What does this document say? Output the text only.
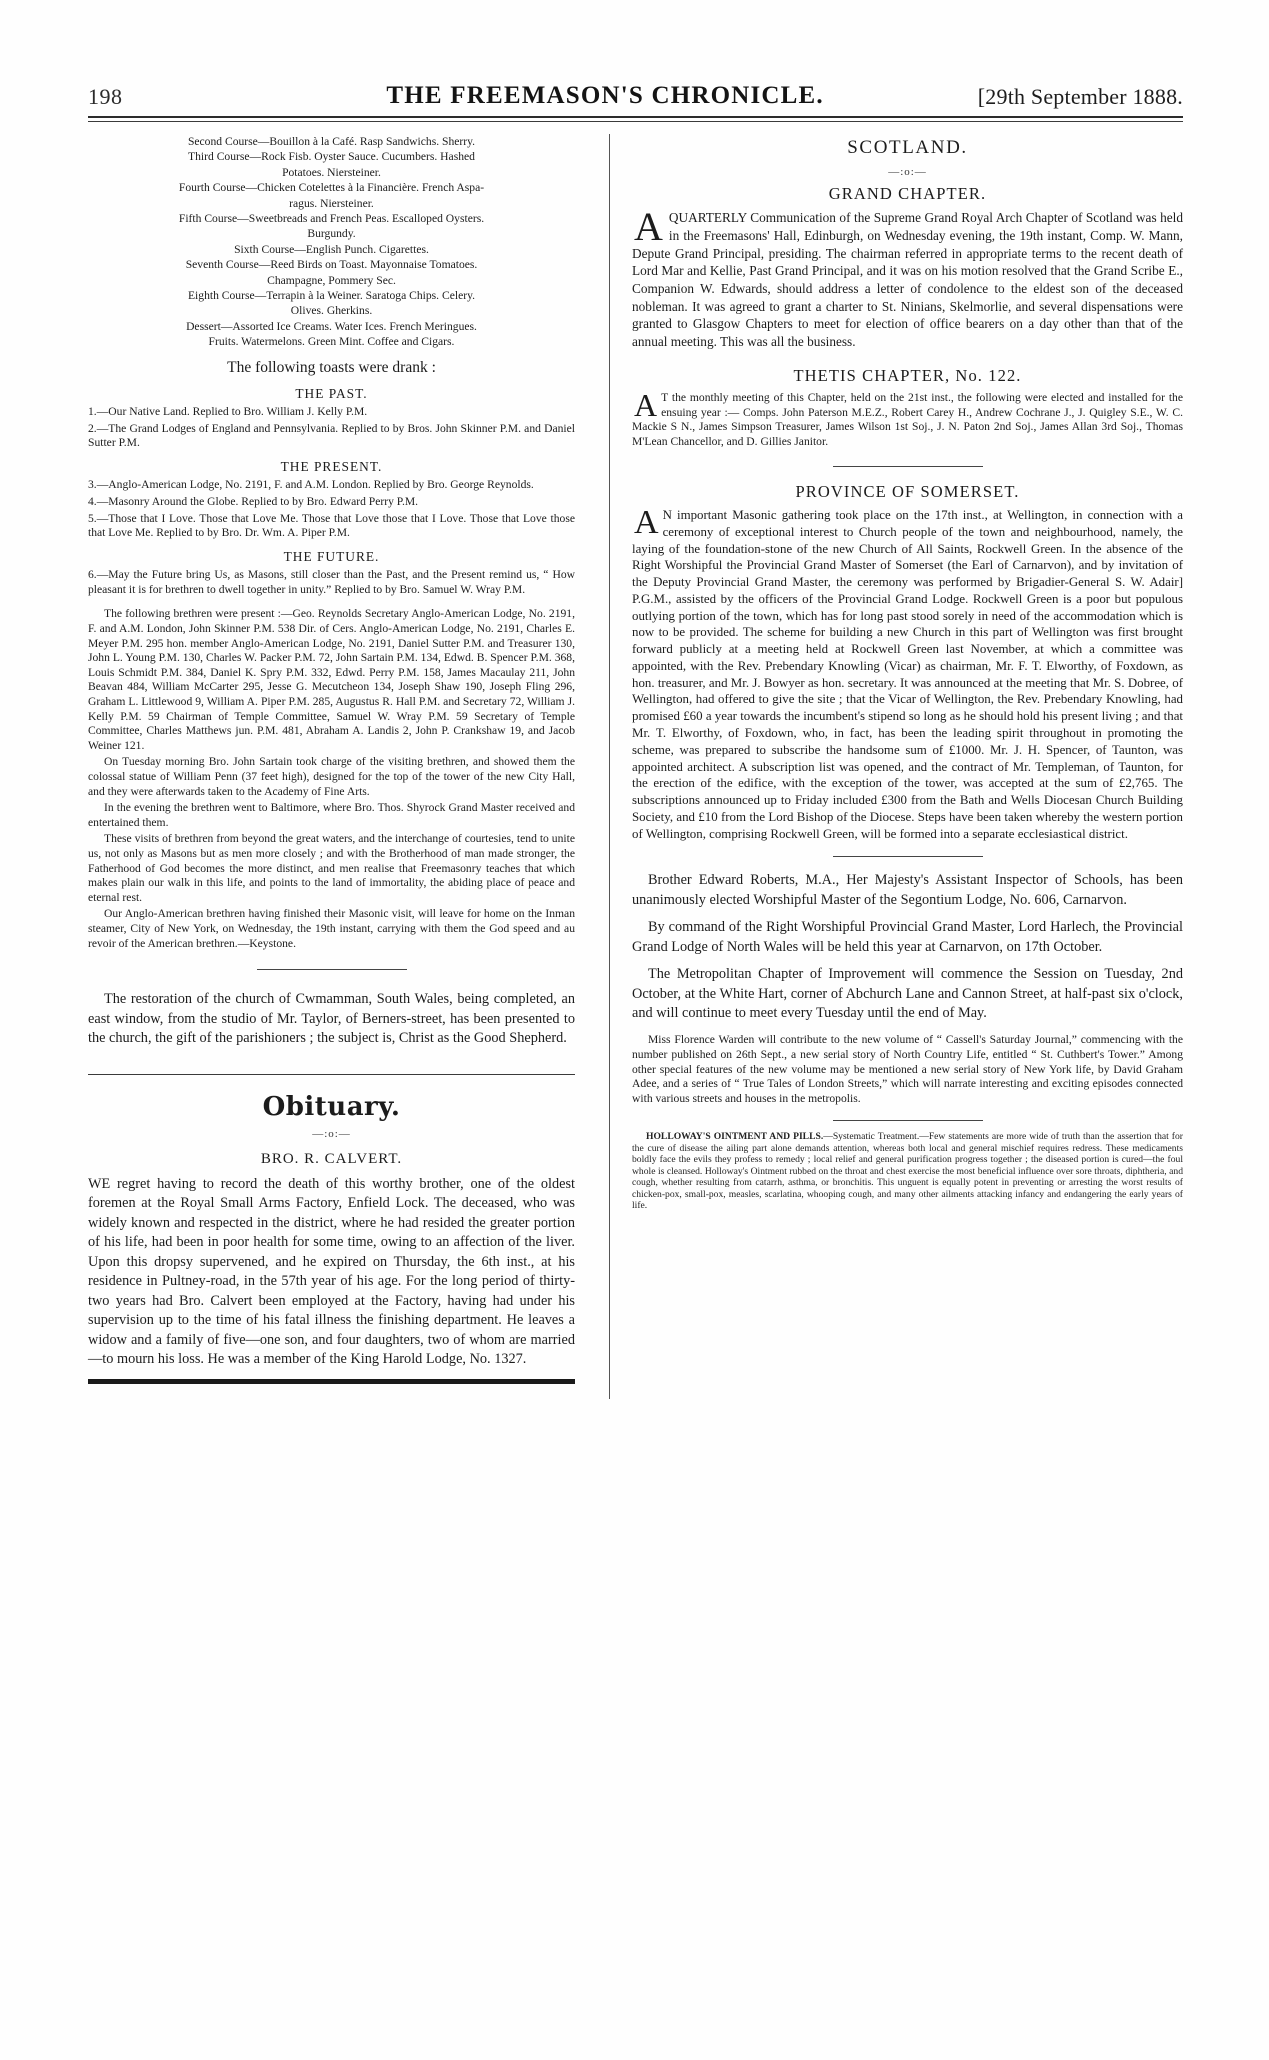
198	THE FREEMASON'S CHRONICLE.	[29th September 1888.

Second Course—Bouillon à la Café. Rasp Sandwichs. Sherry.

Third Course—Rock Fisb. Oyster Sauce. Cucumbers. Hashed

Potatoes. Niersteiner.

Fourth Course—Chicken Cotelettes à la Financière. French Aspa-

ragus. Niersteiner.

Fifth Course—Sweetbreads and French Peas. Escalloped Oysters.

Burgundy.

Sixth Course—English Punch. Cigarettes.

Seventh Course—Reed Birds on Toast. Mayonnaise Tomatoes.

Champagne, Pommery Sec.

Eighth Course—Terrapin à la Weiner. Saratoga Chips. Celery.

Olives. Gherkins.

Dessert—Assorted Ice Creams. Water Ices. French Meringues.

Fruits. Watermelons. Green Mint. Coffee and Cigars.

The following toasts were drank :

THE PAST.

1.—Our Native Land. Replied to Bro. William J. Kelly P.M.

2.—The Grand Lodges of England and Pennsylvania. Replied to by Bros. John Skinner P.M. and Daniel Sutter P.M.

THE PRESENT.

3.—Anglo-American Lodge, No. 2191, F. and A.M. London. Replied by Bro. George Reynolds.

4.—Masonry Around the Globe. Replied to by Bro. Edward Perry P.M.

5.—Those that I Love. Those that Love Me. Those that Love those that I Love. Those that Love those that Love Me. Replied to by Bro. Dr. Wm. A. Piper P.M.

THE FUTURE.

6.—May the Future bring Us, as Masons, still closer than the Past, and the Present remind us, “ How pleasant it is for brethren to dwell together in unity.” Replied to by Bro. Samuel W. Wray P.M.

The following brethren were present :—Geo. Reynolds Secretary Anglo-American Lodge, No. 2191, F. and A.M. London, John Skinner P.M. 538 Dir. of Cers. Anglo-American Lodge, No. 2191, Charles E. Meyer P.M. 295 hon. member Anglo-American Lodge, No. 2191, Daniel Sutter P.M. and Treasurer 130, John L. Young P.M. 130, Charles W. Packer P.M. 72, John Sartain P.M. 134, Edwd. B. Spencer P.M. 368, Louis Schmidt P.M. 384, Daniel K. Spry P.M. 332, Edwd. Perry P.M. 158, James Macaulay 211, John Beavan 484, William McCarter 295, Jesse G. Mecutcheon 134, Joseph Shaw 190, Joseph Fling 296, Graham L. Littlewood 9, William A. Piper P.M. 285, Augustus R. Hall P.M. and Secretary 72, William J. Kelly P.M. 59 Chairman of Temple Committee, Samuel W. Wray P.M. 59 Secretary of Temple Committee, Charles Matthews jun. P.M. 481, Abraham A. Landis 2, John P. Crankshaw 19, and Jacob Weiner 121.

On Tuesday morning Bro. John Sartain took charge of the visiting brethren, and showed them the colossal statue of William Penn (37 feet high), designed for the top of the tower of the new City Hall, and they were afterwards taken to the Academy of Fine Arts.

In the evening the brethren went to Baltimore, where Bro. Thos. Shyrock Grand Master received and entertained them.

These visits of brethren from beyond the great waters, and the interchange of courtesies, tend to unite us, not only as Masons but as men more closely ; and with the Brotherhood of man made stronger, the Fatherhood of God becomes the more distinct, and men realise that Freemasonry teaches that which makes plain our walk in this life, and points to the land of immortality, the abiding place of peace and eternal rest.

Our Anglo-American brethren having finished their Masonic visit, will leave for home on the Inman steamer, City of New York, on Wednesday, the 19th instant, carrying with them the God speed and au revoir of the American brethren.—Keystone.

The restoration of the church of Cwmamman, South Wales, being completed, an east window, from the studio of Mr. Taylor, of Berners-street, has been presented to the church, the gift of the parishioners ; the subject is, Christ as the Good Shepherd.

Obituary.

—:o:—

BRO. R. CALVERT.

WE regret having to record the death of this worthy brother, one of the oldest foremen at the Royal Small Arms Factory, Enfield Lock. The deceased, who was widely known and respected in the district, where he had resided the greater portion of his life, had been in poor health for some time, owing to an affection of the liver. Upon this dropsy supervened, and he expired on Thursday, the 6th inst., at his residence in Pultney-road, in the 57th year of his age. For the long period of thirty-two years had Bro. Calvert been employed at the Factory, having had under his supervision up to the time of his fatal illness the finishing department. He leaves a widow and a family of five—one son, and four daughters, two of whom are married—to mourn his loss. He was a member of the King Harold Lodge, No. 1327.

SCOTLAND.

—:o:—

GRAND CHAPTER.

AQUARTERLY Communication of the Supreme Grand Royal Arch Chapter of Scotland was held in the Freemasons' Hall, Edinburgh, on Wednesday evening, the 19th instant, Comp. W. Mann, Depute Grand Principal, presiding. The chairman referred in appropriate terms to the recent death of Lord Mar and Kellie, Past Grand Principal, and it was on his motion resolved that the Grand Scribe E., Companion W. Edwards, should address a letter of condolence to the eldest son of the deceased nobleman. It was agreed to grant a charter to St. Ninians, Skelmorlie, and several dispensations were granted to Glasgow Chapters to meet for election of office bearers on a day other than that of the annual meeting. This was all the business.

THETIS CHAPTER, No. 122.

A T the monthly meeting of this Chapter, held on the 21st inst., the following were elected and installed for the ensuing year :— Comps. John Paterson M.E.Z., Robert Carey H., Andrew Cochrane J., J. Quigley S.E., W. C. Mackie S N., James Simpson Treasurer, James Wilson 1st Soj., J. N. Paton 2nd Soj., James Allan 3rd Soj., Thomas M'Lean Chancellor, and D. Gillies Janitor.

PROVINCE OF SOMERSET.

A N important Masonic gathering took place on the 17th inst., at Wellington, in connection with a ceremony of exceptional interest to Church people of the town and neighbourhood, namely, the laying of the foundation-stone of the new Church of All Saints, Rockwell Green. In the absence of the Right Worshipful the Provincial Grand Master of Somerset (the Earl of Carnarvon), and by invitation of the Deputy Provincial Grand Master, the ceremony was performed by Brigadier-General S. W. Adair] P.G.M., assisted by the officers of the Provincial Grand Lodge. Rockwell Green is a poor but populous outlying portion of the town, which has for long past stood sorely in need of the accommodation which is now to be provided. The scheme for building a new Church in this part of Wellington was first brought forward publicly at a meeting held at Rockwell Green last November, at which a committee was appointed, with the Rev. Prebendary Knowling (Vicar) as chairman, Mr. F. T. Elworthy, of Foxdown, as hon. treasurer, and Mr. J. Bowyer as hon. secretary. It was announced at the meeting that Mr. S. Dobree, of Wellington, had offered to give the site ; that the Vicar of Wellington, the Rev. Prebendary Knowling, had promised £60 a year towards the incumbent's stipend so long as he should hold his present living ; and that Mr. T. Elworthy, of Foxdown, who, in fact, has been the leading spirit throughout in promoting the scheme, was prepared to subscribe the handsome sum of £1000. Mr. J. H. Spencer, of Taunton, was appointed architect. A subscription list was opened, and the contract of Mr. Templeman, of Taunton, for the erection of the edifice, with the exception of the tower, was accepted at the sum of £2,765. The subscriptions announced up to Friday included £300 from the Bath and Wells Diocesan Church Building Society, and £10 from the Lord Bishop of the Diocese. Steps have been taken whereby the western portion of Wellington, comprising Rockwell Green, will be formed into a separate ecclesiastical district.

Brother Edward Roberts, M.A., Her Majesty's Assistant Inspector of Schools, has been unanimously elected Worshipful Master of the Segontium Lodge, No. 606, Carnarvon.

By command of the Right Worshipful Provincial Grand Master, Lord Harlech, the Provincial Grand Lodge of North Wales will be held this year at Carnarvon, on 17th October.

The Metropolitan Chapter of Improvement will commence the Session on Tuesday, 2nd October, at the White Hart, corner of Abchurch Lane and Cannon Street, at half-past six o'clock, and will continue to meet every Tuesday until the end of May.

Miss Florence Warden will contribute to the new volume of “ Cassell's Saturday Journal,” commencing with the number published on 26th Sept., a new serial story of North Country Life, entitled “ St. Cuthbert's Tower.” Among other special features of the new volume may be mentioned a new serial story of New York life, by David Graham Adee, and a series of “ True Tales of London Streets,” which will narrate interesting and exciting episodes connected with various streets and houses in the metropolis.

HOLLOWAY'S OINTMENT AND PILLS.—Systematic Treatment.—Few statements are more wide of truth than the assertion that for the cure of disease the ailing part alone demands attention, whereas both local and general mischief requires redress. These medicaments boldly face the evils they profess to remedy ; local relief and general purification progress together ; the diseased portion is cured—the foul whole is cleansed. Holloway's Ointment rubbed on the throat and chest exercise the most beneficial influence over sore throats, diphtheria, and cough, whether resulting from catarrh, asthma, or bronchitis. This unguent is equally potent in preventing or arresting the worst results of chicken-pox, small-pox, measles, scarlatina, whooping cough, and many other ailments attacking infancy and endangering the early years of life.
